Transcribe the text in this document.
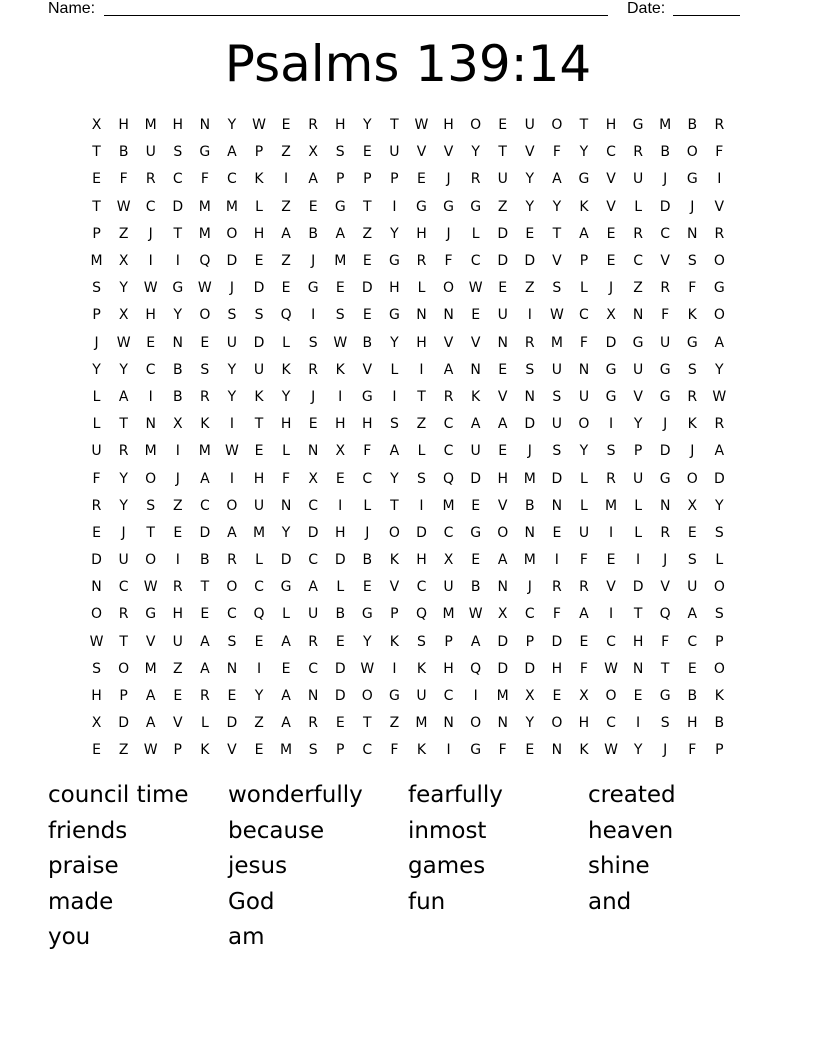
Name:	Date:
Psalms 139:14
X	H	M	H	N	Y	W	E	R	H	Y	T	W	H	O	E	U	O	T	H	G	M	B	R
T	B	U	S	G	A	P	Z	X	S	E	U	V	V	Y	T	V	F	Y	C	R	B	O	F
E	F	R	C	F	C	K	I	A	P	P	P	E	J	R	U	Y	A	G	V	U	J	G	I
T	W	C	D	M	M	L	Z	E	G	T	I	G	G	G	Z	Y	Y	K	V	L	D	J	V
P	Z	J	T	M	O	H	A	B	A	Z	Y	H	J	L	D	E	T	A	E	R	C	N	R
M	X	I	I	Q	D	E	Z	J	M	E	G	R	F	C	D	D	V	P	E	C	V	S	O
S	Y	W	G	W	J	D	E	G	E	D	H	L	O	W	E	Z	S	L	J	Z	R	F	G
P	X	H	Y	O	S	S	Q	I	S	E	G	N	N	E	U	I	W	C	X	N	F	K	O
J	W	E	N	E	U	D	L	S	W	B	Y	H	V	V	N	R	M	F	D	G	U	G	A
Y	Y	C	B	S	Y	U	K	R	K	V	L	I	A	N	E	S	U	N	G	U	G	S	Y
L	A	I	B	R	Y	K	Y	J	I	G	I	T	R	K	V	N	S	U	G	V	G	R	W
L	T	N	X	K	I	T	H	E	H	H	S	Z	C	A	A	D	U	O	I	Y	J	K	R
U	R	M	I	M	W	E	L	N	X	F	A	L	C	U	E	J	S	Y	S	P	D	J	A
F	Y	O	J	A	I	H	F	X	E	C	Y	S	Q	D	H	M	D	L	R	U	G	O	D
R	Y	S	Z	C	O	U	N	C	I	L	T	I	M	E	V	B	N	L	M	L	N	X	Y
E	J	T	E	D	A	M	Y	D	H	J	O	D	C	G	O	N	E	U	I	L	R	E	S
D	U	O	I	B	R	L	D	C	D	B	K	H	X	E	A	M	I	F	E	I	J	S	L
N	C	W	R	T	O	C	G	A	L	E	V	C	U	B	N	J	R	R	V	D	V	U	O
O	R	G	H	E	C	Q	L	U	B	G	P	Q	M	W	X	C	F	A	I	T	Q	A	S
W	T	V	U	A	S	E	A	R	E	Y	K	S	P	A	D	P	D	E	C	H	F	C	P
S	O	M	Z	A	N	I	E	C	D	W	I	K	H	Q	D	D	H	F	W	N	T	E	O
H	P	A	E	R	E	Y	A	N	D	O	G	U	C	I	M	X	E	X	O	E	G	B	K
X	D	A	V	L	D	Z	A	R	E	T	Z	M	N	O	N	Y	O	H	C	I	S	H	B
E	Z	W	P	K	V	E	M	S	P	C	F	K	I	G	F	E	N	K	W	Y	J	F	P
council time	wonderfully	fearfully	created
friends	because	inmost	heaven
praise	jesus	games	shine
made	God	fun	and
you	am
